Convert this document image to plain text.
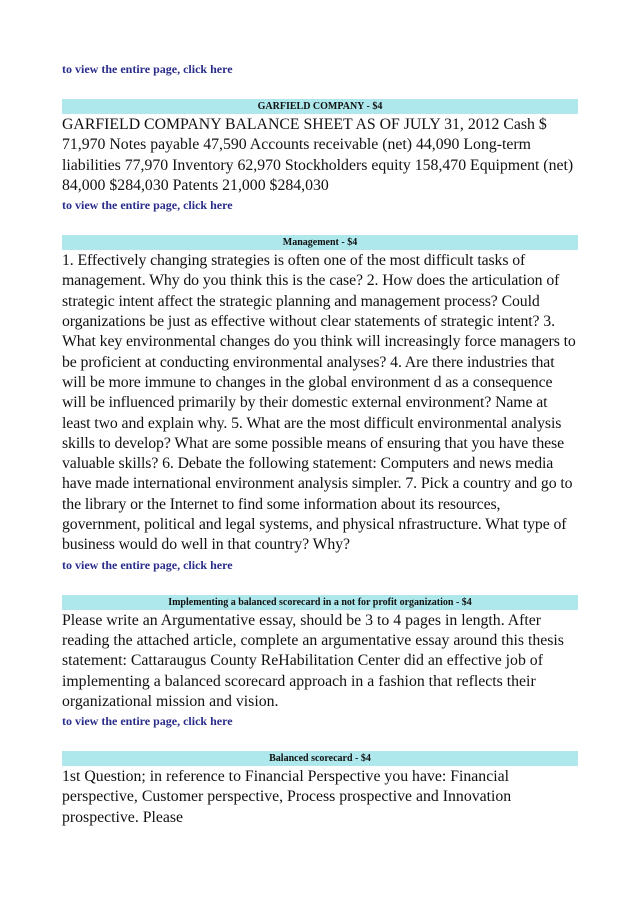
to view the entire page, click here
GARFIELD COMPANY - $4

GARFIELD COMPANY BALANCE SHEET AS OF JULY 31, 2012 Cash $ 71,970 Notes payable 47,590 Accounts receivable (net) 44,090 Long-term liabilities 77,970 Inventory 62,970 Stockholders equity 158,470 Equipment (net) 84,000 $284,030 Patents 21,000 $284,030

to view the entire page, click here
Management - $4

1. Effectively changing strategies is often one of the most difficult tasks of management. Why do you think this is the case? 2. How does the articulation of strategic intent affect the strategic planning and management process? Could organizations be just as effective without clear statements of strategic intent? 3. What key environmental changes do you think will increasingly force managers to be proficient at conducting environmental analyses? 4. Are there industries that will be more immune to changes in the global environment d as a consequence will be influenced primarily by their domestic external environment? Name at least two and explain why. 5. What are the most difficult environmental analysis skills to develop? What are some possible means of ensuring that you have these valuable skills? 6. Debate the following statement: Computers and news media have made international environment analysis simpler. 7. Pick a country and go to the library or the Internet to find some information about its resources, government, political and legal systems, and physical nfrastructure. What type of business would do well in that country? Why?

to view the entire page, click here
Implementing a balanced scorecard in a not for profit organization - $4

Please write an Argumentative essay, should be 3 to 4 pages in length. After reading the attached article, complete an argumentative essay around this thesis statement: Cattaraugus County ReHabilitation Center did an effective job of implementing a balanced scorecard approach in a fashion that reflects their organizational mission and vision.

to view the entire page, click here
Balanced scorecard - $4

1st Question; in reference to Financial Perspective you have: Financial perspective, Customer perspective, Process prospective and Innovation prospective. Please
